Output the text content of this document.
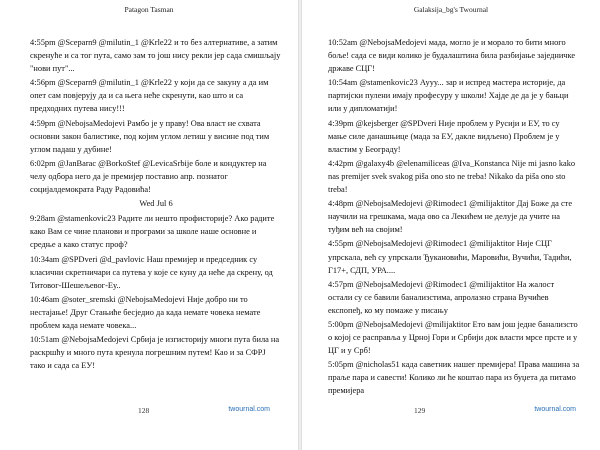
Patagon Tasman
4:55pm @Sceparn9 @milutin_1 @Krle22 и то без алтернативе, а затим скренуће и са тог пута, само зам то још нису рекли јер сада смишљају "нови пут"...
4:56pm @Sceparn9 @milutin_1 @Krle22 у који да се закуну а да им опет сам повјерују да и са њега неће скренути, као што и са предходних путева нису!!!
4:59pm @NebojsaMedojevi Рамбо је у праву! Ова власт не схвата основни закон балистике, под којим углом летиш у висине под тим углом падаш у дубине!
6:02pm @JanBarac @BorkoStef @LevicaSrbije боле и кондуктер на челу одбора него да је премијер поставио апр. познатог социјалдемократа Раду Радовића!
Wed Jul 6
9:28am @stamenkovic23 Радите ли нешто профисторије? Ако радите како Вам се чине планови и програми за школе наше основне и средње а како статус проф?
10:34am @SPDveri @d_pavlovic Наш премијер и председник су класични скретничари са путева у које се куну да неће да скрену, од Титовог-Шешељевог-Еу..
10:46am @soter_sremski @NebojsaMedojevi Није добро ни то нестајање! Друг Стањиће бесједио да када немате човека немате проблем када немате човека...
10:51am @NebojsaMedojevi Србија је изгисторију многи пута била на раскршћу и много пута кренула погрешним путем! Као и за СФРЈ тако и сада са ЕУ!
128	twournal.com
Galaksija_bg's Twournal
10:52am @NebojsaMedojevi мада, могло је и морало то бити много боље! сада се види колико је будалаштина била разбијање заједничке државе СЦГ!
10:54am @stamenkovic23 Аууу... зар и испред мастера историје, да партијски пулени имају професуру у школи! Хајде де да је у бањци или у дипломатији!
4:39pm @kejsberger @SPDveri Није проблем у Русији и ЕУ, то су мање силе данашњице (мада за ЕУ, дакле видљено) Проблем је у властим у Београду!
4:42pm @galaxy4b @elenamiliceas @Iva_Konstanca Nije mi jasno kako nas premijer svek svakog piša ono sto ne treba! Nikako da piša ono sto treba!
4:48pm @NebojsaMedojevi @Rimodec1 @milijaktitor Дај Боже да сте научили на грешкама, мада ово са Лекићем не делује да учите на туђим већ на својим!
4:55pm @NebojsaMedojevi @Rimodec1 @milijaktitor Није СЦГ упрскала, већ су упрскали Ђукановићи, Маровићи, Вучићи, Тадићи, Г17+, СДП, УРА....
4:57pm @NebojsaMedojevi @Rimodec1 @milijaktitor На жалост остали су се бавили банализстима, апролазно страна Вучићев експопеђ, ко му помаже у писању
5:00pm @NebojsaMedojevi @milijaktitor Ето вам још једне банализсто о којој се расправља у Црној Гори и Србији док власти мрсе прсте и у ЦГ и у Срб!
5:05pm @nicholas51 када саветник нашег премијера! Права машина за праље пара и савести! Колико ли ће коштао пара из буџета да питамо премијера
129	twournal.com
